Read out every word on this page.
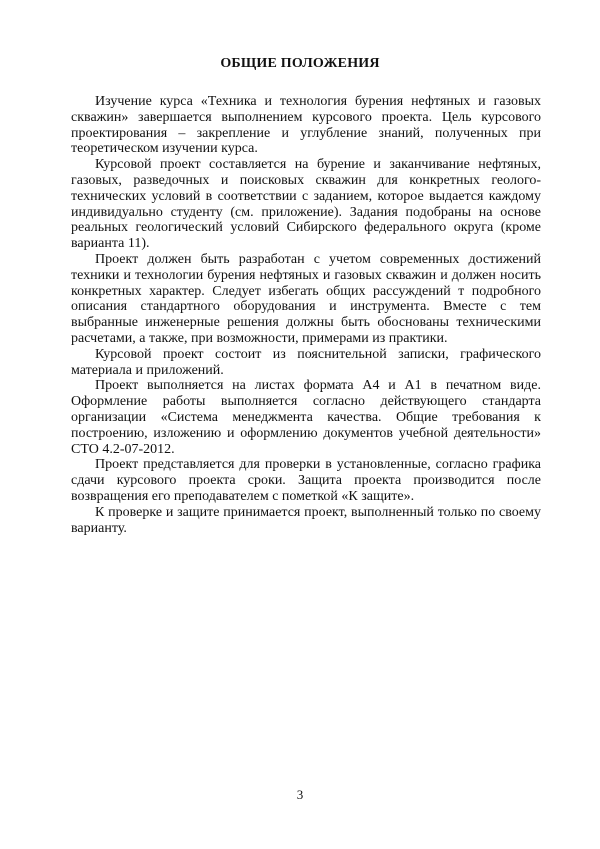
ОБЩИЕ ПОЛОЖЕНИЯ

Изучение курса «Техника и технология бурения нефтяных и газовых скважин» завершается выполнением курсового проекта. Цель курсового проектирования – закрепление и углубление знаний, полученных при теоретическом изучении курса.

Курсовой проект составляется на бурение и заканчивание нефтяных, газовых, разведочных и поисковых скважин для конкретных геолого-технических условий в соответствии с заданием, которое выдается каждому индивидуально студенту (см. приложение). Задания подобраны на основе реальных геологический условий Сибирского федерального округа (кроме варианта 11).

Проект должен быть разработан с учетом современных достижений техники и технологии бурения нефтяных и газовых скважин и должен носить конкретных характер. Следует избегать общих рассуждений т подробного описания стандартного оборудования и инструмента. Вместе с тем выбранные инженерные решения должны быть обоснованы техническими расчетами, а также, при возможности, примерами из практики.

Курсовой проект состоит из пояснительной записки, графического материала и приложений.

Проект выполняется на листах формата А4 и А1 в печатном виде. Оформление работы выполняется согласно действующего стандарта организации «Система менеджмента качества. Общие требования к построению, изложению и оформлению документов учебной деятельности» СТО 4.2-07-2012.

Проект представляется для проверки в установленные, согласно графика сдачи курсового проекта сроки. Защита проекта производится после возвращения его преподавателем с пометкой «К защите».

К проверке и защите принимается проект, выполненный только по своему варианту.

3
